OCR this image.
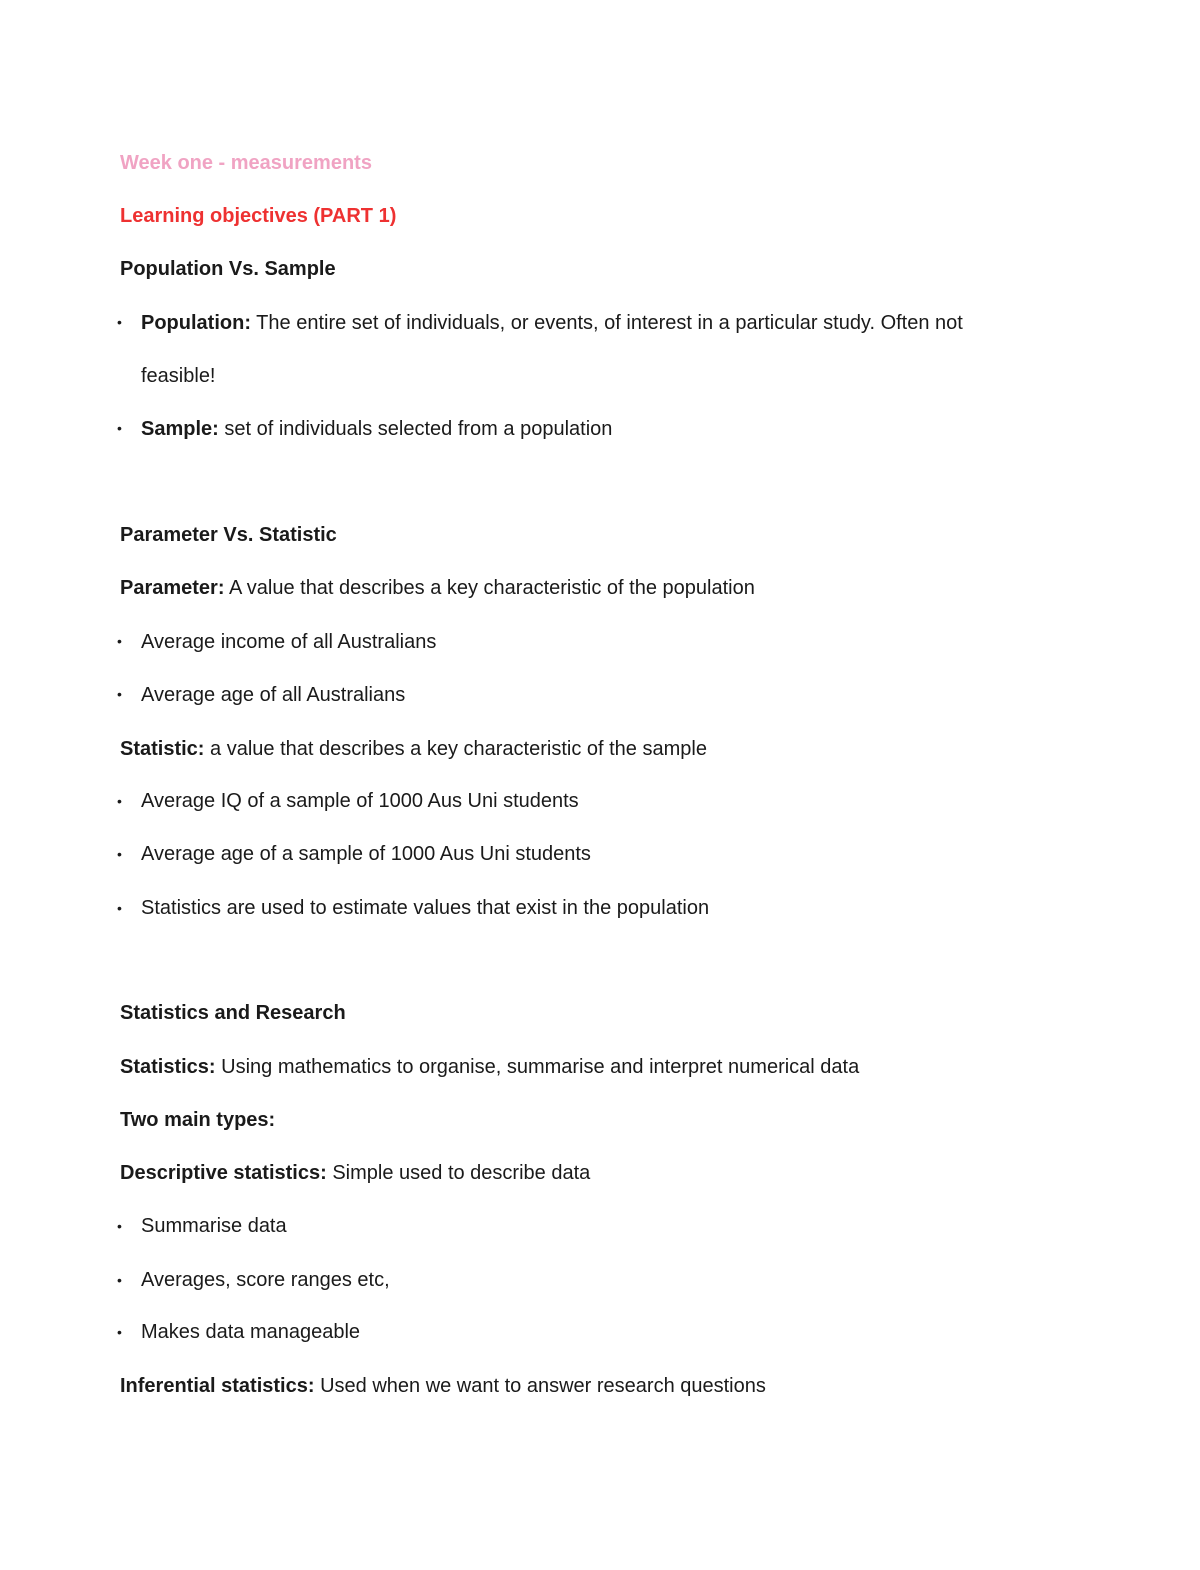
Week one - measurements
Learning objectives (PART 1)
Population Vs. Sample
• Population: The entire set of individuals, or events, of interest in a particular study. Often not
feasible!
• Sample: set of individuals selected from a population
Parameter Vs. Statistic
Parameter: A value that describes a key characteristic of the population
• Average income of all Australians
• Average age of all Australians
Statistic: a value that describes a key characteristic of the sample
• Average IQ of a sample of 1000 Aus Uni students
• Average age of a sample of 1000 Aus Uni students
• Statistics are used to estimate values that exist in the population
Statistics and Research
Statistics: Using mathematics to organise, summarise and interpret numerical data
Two main types:
Descriptive statistics: Simple used to describe data
• Summarise data
• Averages, score ranges etc,
• Makes data manageable
Inferential statistics: Used when we want to answer research questions
